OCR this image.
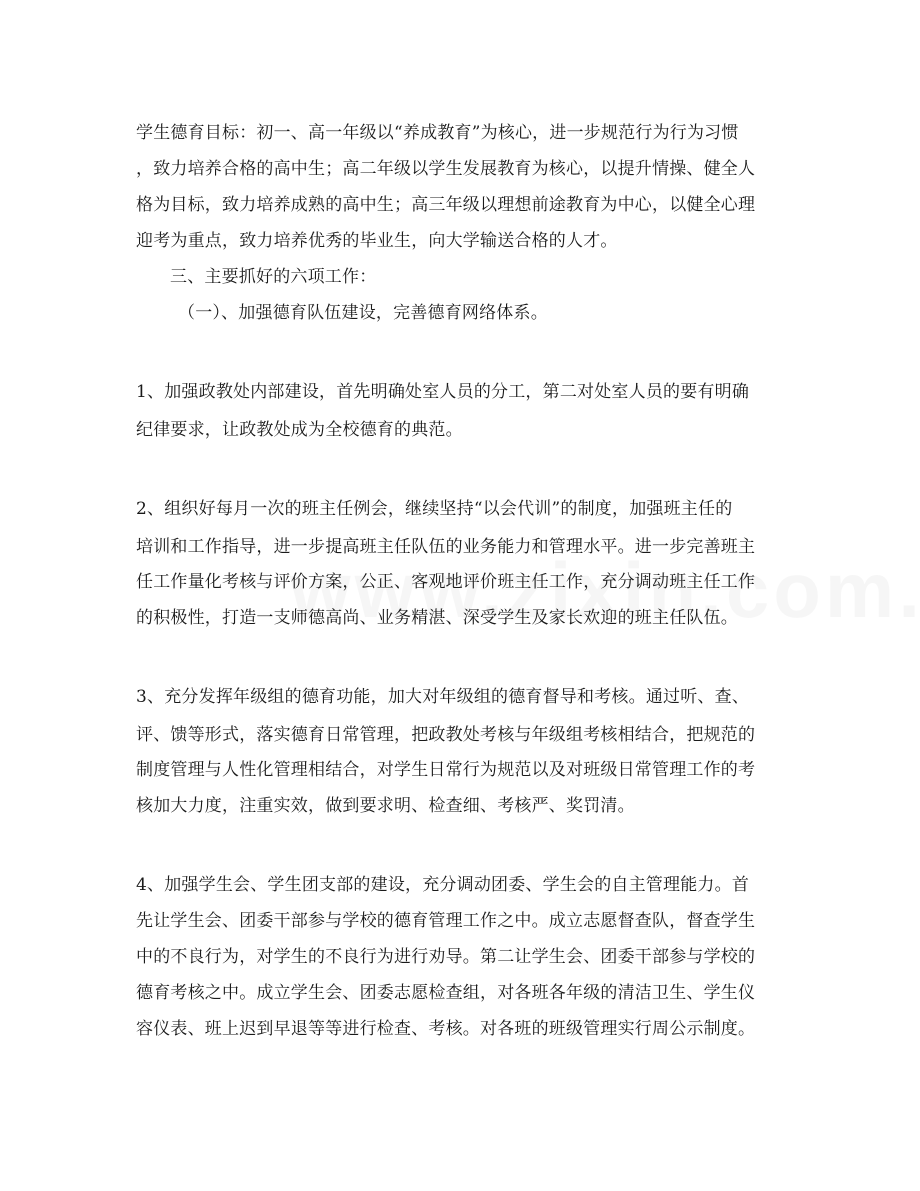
学生德育目标：初一、高一年级以“养成教育”为核心，进一步规范行为行为习惯
，致力培养合格的高中生；高二年级以学生发展教育为核心，以提升情操、健全人
格为目标，致力培养成熟的高中生；高三年级以理想前途教育为中心，以健全心理
迎考为重点，致力培养优秀的毕业生，向大学输送合格的人才。
三、主要抓好的六项工作：
（一）、加强德育队伍建设，完善德育网络体系。
1、加强政教处内部建设，首先明确处室人员的分工，第二对处室人员的要有明确
纪律要求，让政教处成为全校德育的典范。
2、组织好每月一次的班主任例会，继续坚持“以会代训”的制度，加强班主任的
培训和工作指导，进一步提高班主任队伍的业务能力和管理水平。进一步完善班主
任工作量化考核与评价方案，公正、客观地评价班主任工作，充分调动班主任工作
的积极性，打造一支师德高尚、业务精湛、深受学生及家长欢迎的班主任队伍。
3、充分发挥年级组的德育功能，加大对年级组的德育督导和考核。通过听、查、
评、馈等形式，落实德育日常管理，把政教处考核与年级组考核相结合，把规范的
制度管理与人性化管理相结合，对学生日常行为规范以及对班级日常管理工作的考
核加大力度，注重实效，做到要求明、检查细、考核严、奖罚清。
4、加强学生会、学生团支部的建设，充分调动团委、学生会的自主管理能力。首
先让学生会、团委干部参与学校的德育管理工作之中。成立志愿督查队，督查学生
中的不良行为，对学生的不良行为进行劝导。第二让学生会、团委干部参与学校的
德育考核之中。成立学生会、团委志愿检查组，对各班各年级的清洁卫生、学生仪
容仪表、班上迟到早退等等进行检查、考核。对各班的班级管理实行周公示制度。
